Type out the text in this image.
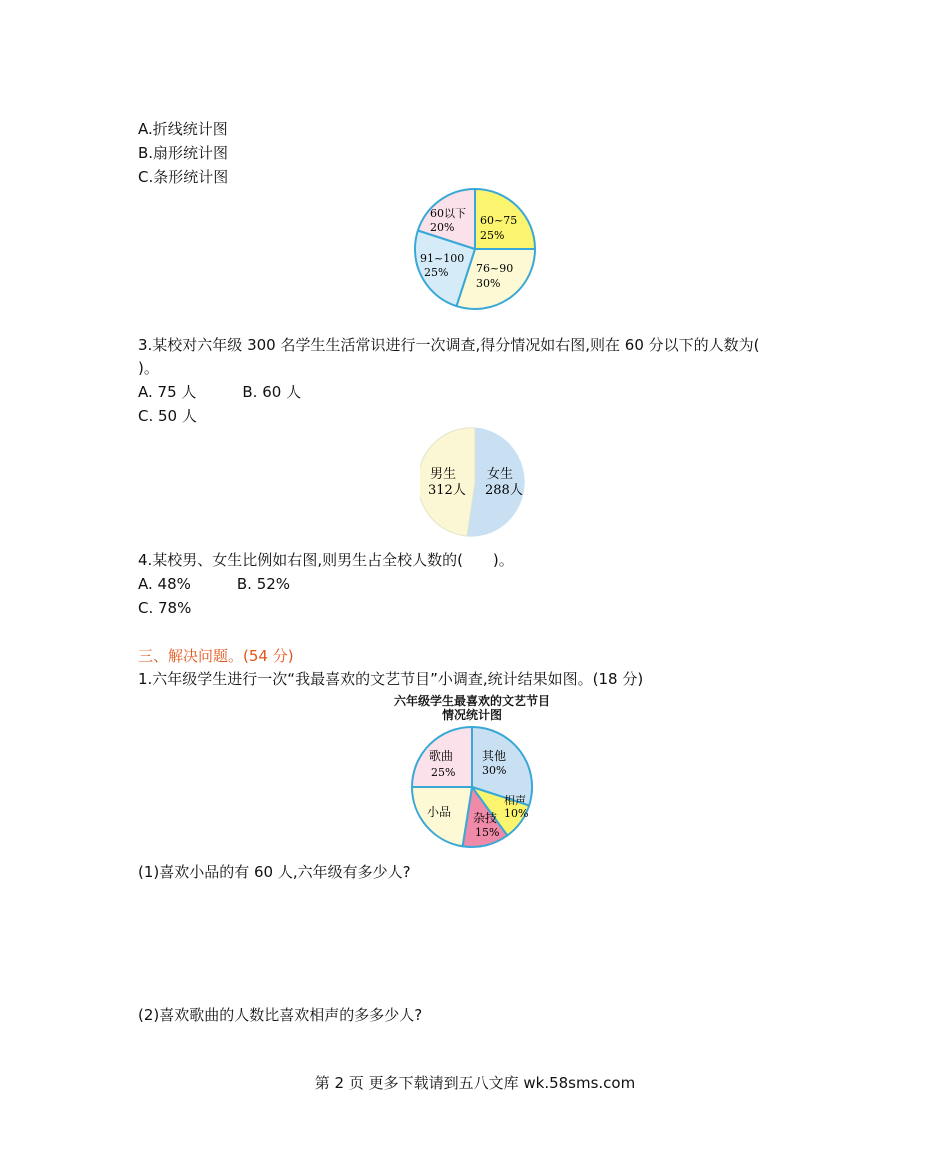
A.折线统计图
B.扇形统计图
C.条形统计图
60~75
25%
76~90
30%
91~100
25%
60以下
20%
3.某校对六年级 300 名学生生活常识进行一次调查,得分情况如右图,则在 60 分以下的人数为(
)。
A. 75 人	B. 60 人
C. 50 人
男生
312人
女生
288人
4.某校男、女生比例如右图,则男生占全校人数的(　　)。
A. 48%	B. 52%
C. 78%
三、解决问题。(54 分)
1.六年级学生进行一次“我最喜欢的文艺节目”小调查,统计结果如图。(18 分)
六年级学生最喜欢的文艺节目
情况统计图
其他
30%
相声
10%
杂技
15%
小品
歌曲
25%
(1)喜欢小品的有 60 人,六年级有多少人?
(2)喜欢歌曲的人数比喜欢相声的多多少人?
第 2 页 更多下载请到五八文库 wk.58sms.com
